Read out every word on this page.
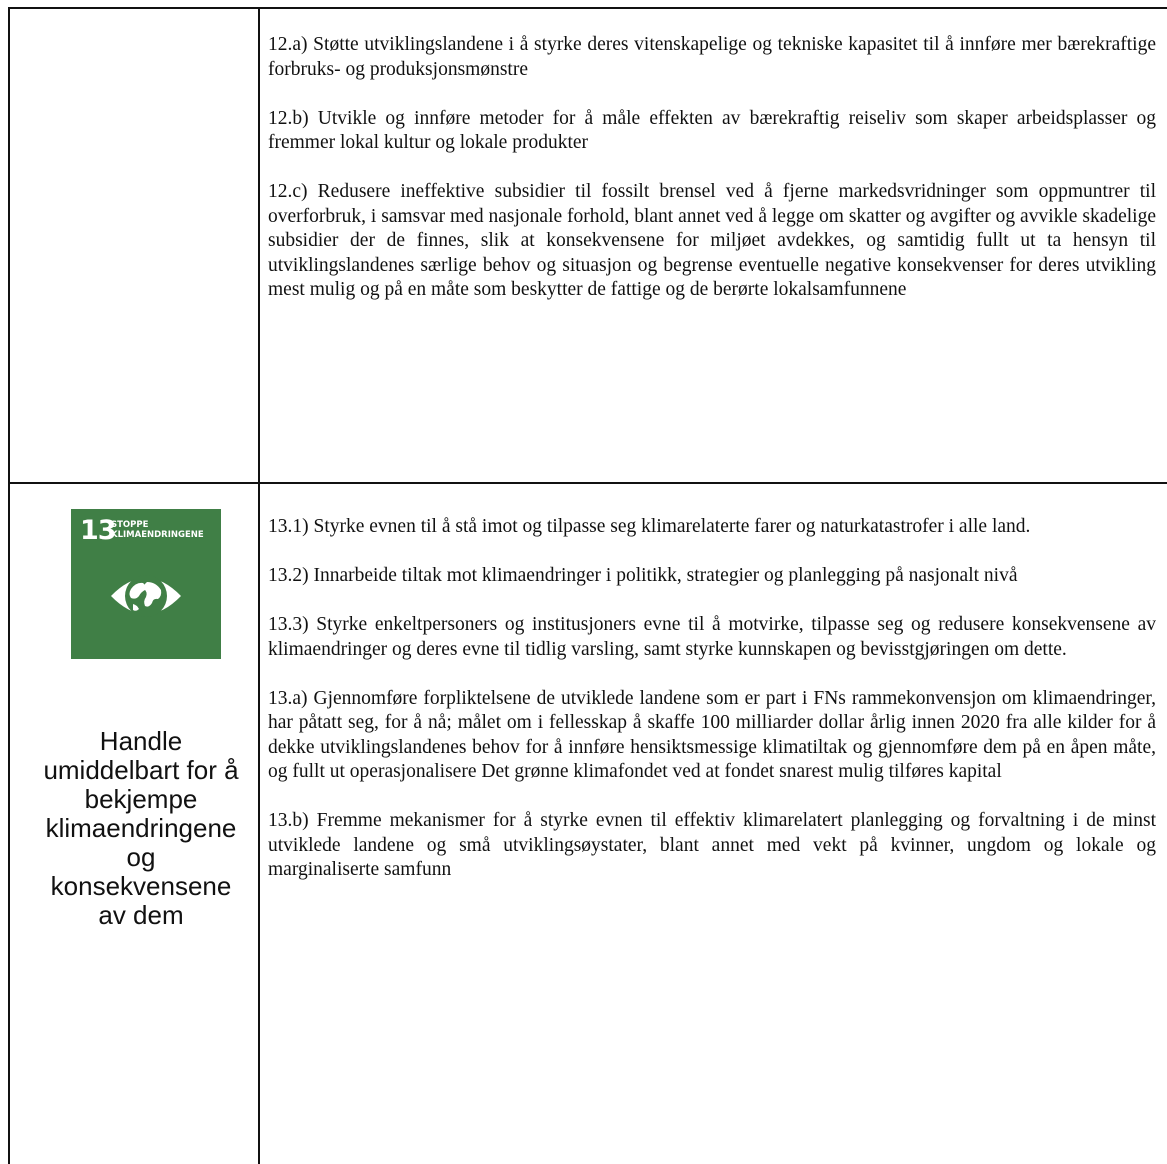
12.a) Støtte utviklingslandene i å styrke deres vitenskapelige og tekniske kapasitet til å innføre mer bærekraftige forbruks- og produksjonsmønstre

12.b) Utvikle og innføre metoder for å måle effekten av bærekraftig reiseliv som skaper arbeidsplasser og fremmer lokal kultur og lokale produkter

12.c) Redusere ineffektive subsidier til fossilt brensel ved å fjerne markedsvridninger som oppmuntrer til overforbruk, i samsvar med nasjonale forhold, blant annet ved å legge om skatter og avgifter og avvikle skadelige subsidier der de finnes, slik at konsekvensene for miljøet avdekkes, og samtidig fullt ut ta hensyn til utviklingslandenes særlige behov og situasjon og begrense eventuelle negative konsekvenser for deres utvikling mest mulig og på en måte som beskytter de fattige og de berørte lokalsamfunnene

13
STOPPE
KLIMAENDRINGENE
Handle
umiddelbart for å
bekjempe
klimaendringene
og
konsekvensene
av dem

13.1) Styrke evnen til å stå imot og tilpasse seg klimarelaterte farer og naturkatastrofer i alle land.

13.2) Innarbeide tiltak mot klimaendringer i politikk, strategier og planlegging på nasjonalt nivå

13.3) Styrke enkeltpersoners og institusjoners evne til å motvirke, tilpasse seg og redusere konsekvensene av klimaendringer og deres evne til tidlig varsling, samt styrke kunnskapen og bevisstgjøringen om dette.

13.a) Gjennomføre forpliktelsene de utviklede landene som er part i FNs rammekonvensjon om klimaendringer, har påtatt seg, for å nå; målet om i fellesskap å skaffe 100 milliarder dollar årlig innen 2020 fra alle kilder for å dekke utviklingslandenes behov for å innføre hensiktsmessige klimatiltak og gjennomføre dem på en åpen måte, og fullt ut operasjonalisere Det grønne klimafondet ved at fondet snarest mulig tilføres kapital

13.b) Fremme mekanismer for å styrke evnen til effektiv klimarelatert planlegging og forvaltning i de minst utviklede landene og små utviklingsøystater, blant annet med vekt på kvinner, ungdom og lokale og marginaliserte samfunn
